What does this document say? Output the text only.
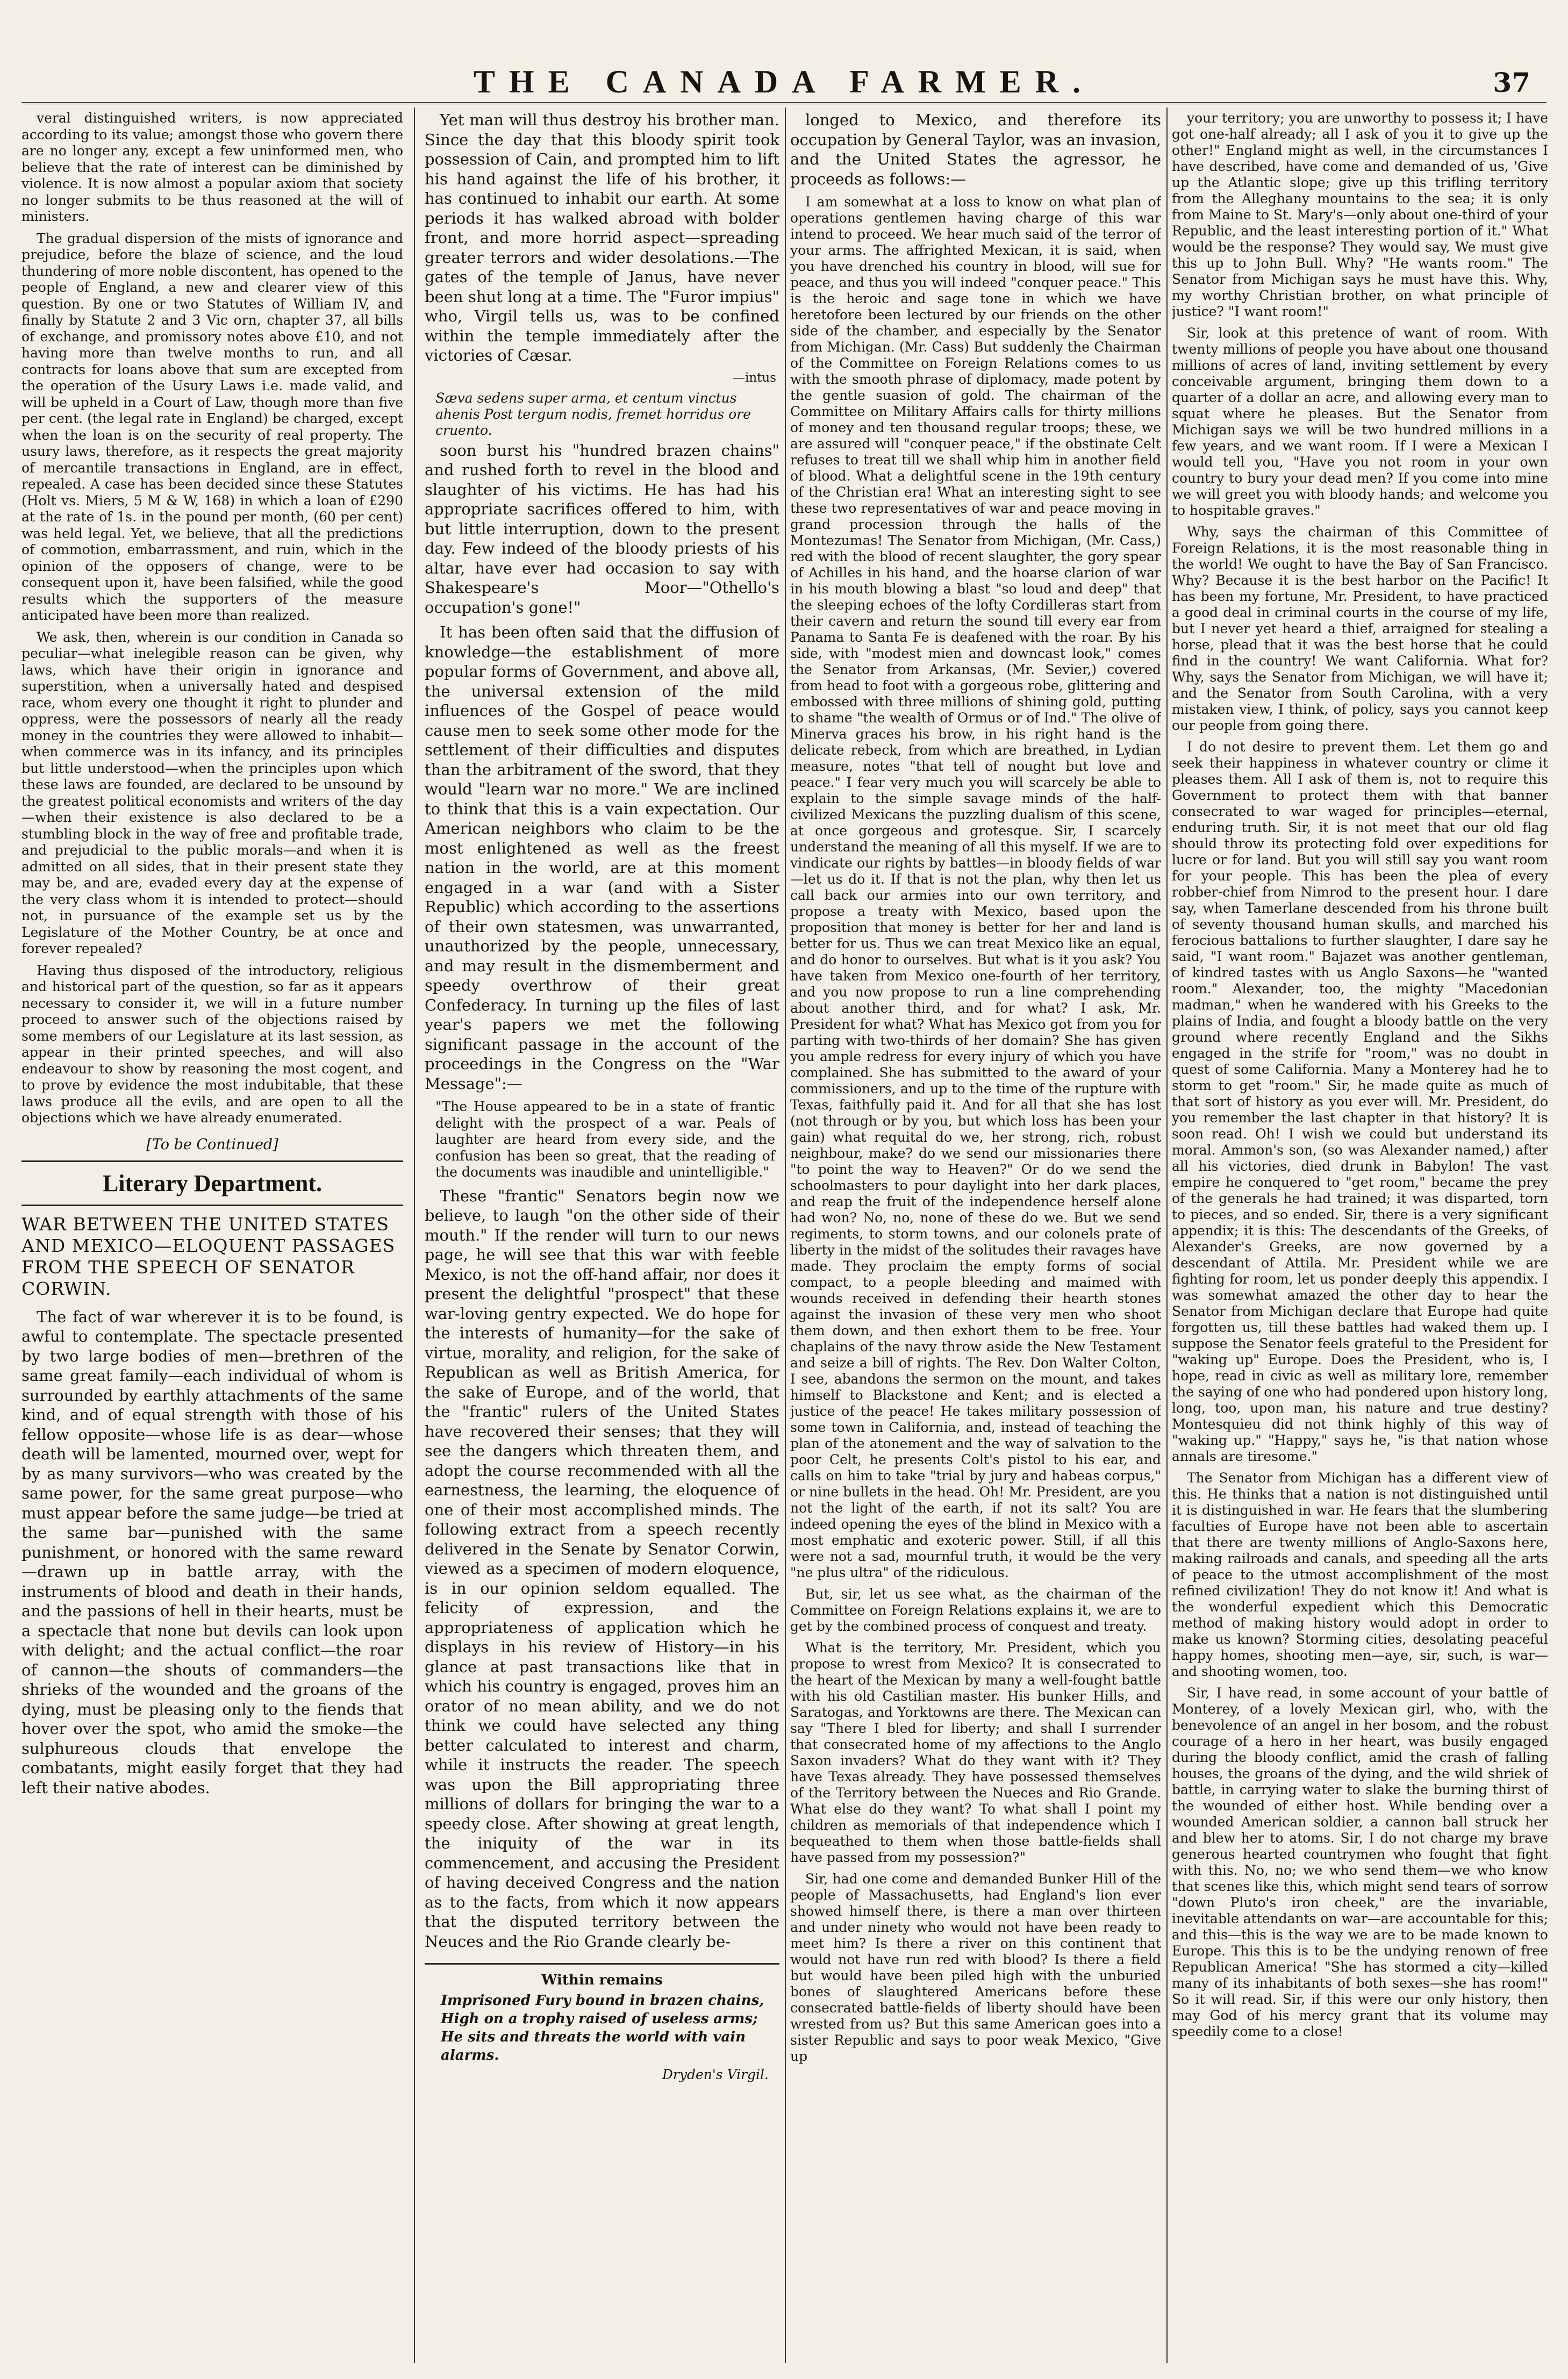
THE CANADA FARMER.	37

veral distinguished writers, is now appreciated according to its value; amongst those who govern there are no longer any, except a few uninformed men, who believe that the rate of interest can be diminished by violence. It is now almost a popular axiom that society no longer submits to be thus reasoned at the will of ministers.

The gradual dispersion of the mists of ignorance and prejudice, before the blaze of science, and the loud thundering of more noble discontent, has opened to the people of England, a new and clearer view of this question. By one or two Statutes of William IV, and finally by Statute 2 and 3 Vic orn, chapter 37, all bills of exchange, and promissory notes above £10, and not having more than twelve months to run, and all contracts for loans above that sum are excepted from the operation of the Usury Laws i.e. made valid, and will be upheld in a Court of Law, though more than five per cent. (the legal rate in England) be charged, except when the loan is on the security of real property. The usury laws, therefore, as it respects the great majority of mercantile transactions in England, are in effect, repealed. A case has been decided since these Statutes (Holt vs. Miers, 5 M & W, 168) in which a loan of £290 at the rate of 1s. in the pound per month, (60 per cent) was held legal. Yet, we believe, that all the predictions of commotion, embarrassment, and ruin, which in the opinion of the opposers of change, were to be consequent upon it, have been falsified, while the good results which the supporters of the measure anticipated have been more than realized.

We ask, then, wherein is our condition in Canada so peculiar—what inelegible reason can be given, why laws, which have their origin in ignorance and superstition, when a universally hated and despised race, whom every one thought it right to plunder and oppress, were the possessors of nearly all the ready money in the countries they were allowed to inhabit—when commerce was in its infancy, and its principles but little understood—when the principles upon which these laws are founded, are declared to be unsound by the greatest political economists and writers of the day—when their existence is also declared to be a stumbling block in the way of free and profitable trade, and prejudicial to the public morals—and when it is admitted on all sides, that in their present state they may be, and are, evaded every day at the expense of the very class whom it is intended to protect—should not, in pursuance of the example set us by the Legislature of the Mother Country, be at once and forever repealed?

Having thus disposed of the introductory, religious and historical part of the question, so far as it appears necessary to consider it, we will in a future number proceed to answer such of the objections raised by some members of our Legislature at its last session, as appear in their printed speeches, and will also endeavour to show by reasoning the most cogent, and to prove by evidence the most indubitable, that these laws produce all the evils, and are open to all the objections which we have already enumerated.

[To be Continued]
Literary Department.
WAR BETWEEN THE UNITED STATES AND MEXICO—ELOQUENT PASSAGES FROM THE SPEECH OF SENATOR CORWIN.

The fact of war wherever it is to be found, is awful to contemplate. The spectacle presented by two large bodies of men—brethren of the same great family—each individual of whom is surrounded by earthly attachments of the same kind, and of equal strength with those of his fellow opposite—whose life is as dear—whose death will be lamented, mourned over, wept for by as many survivors—who was created by the same power, for the same great purpose—who must appear before the same judge—be tried at the same bar—punished with the same punishment, or honored with the same reward—drawn up in battle array, with the instruments of blood and death in their hands, and the passions of hell in their hearts, must be a spectacle that none but devils can look upon with delight; and the actual conflict—the roar of cannon—the shouts of commanders—the shrieks of the wounded and the groans of the dying, must be pleasing only to the fiends that hover over the spot, who amid the smoke—the sulphureous clouds that envelope the combatants, might easily forget that they had left their native abodes.

Yet man will thus destroy his brother man. Since the day that this bloody spirit took possession of Cain, and prompted him to lift his hand against the life of his brother, it has continued to inhabit our earth. At some periods it has walked abroad with bolder front, and more horrid aspect—spreading greater terrors and wider desolations.—The gates of the temple of Janus, have never been shut long at a time. The "Furor impius" who, Virgil tells us, was to be confined within the temple immediately after the victories of Cæsar.

—intus
Sæva sedens super arma, et centum vinctus ahenis Post tergum nodis, fremet horridus ore cruento.

soon burst his "hundred brazen chains" and rushed forth to revel in the blood and slaughter of his victims. He has had his appropriate sacrifices offered to him, with but little interruption, down to the present day. Few indeed of the bloody priests of his altar, have ever had occasion to say with Shakespeare's Moor—"Othello's occupation's gone!"

It has been often said that the diffusion of knowledge—the establishment of more popular forms of Government, and above all, the universal extension of the mild influences of the Gospel of peace would cause men to seek some other mode for the settlement of their difficulties and disputes than the arbitrament of the sword, that they would "learn war no more." We are inclined to think that this is a vain expectation. Our American neighbors who claim to be the most enlightened as well as the freest nation in the world, are at this moment engaged in a war (and with a Sister Republic) which according to the assertions of their own statesmen, was unwarranted, unauthorized by the people, unnecessary, and may result in the dismemberment and speedy overthrow of their great Confederacy. In turning up the files of last year's papers we met the following significant passage in the account of the proceedings in the Congress on the "War Message":—

"The House appeared to be in a state of frantic delight with the prospect of a war. Peals of laughter are heard from every side, and the confusion has been so great, that the reading of the documents was inaudible and unintelligible."

These "frantic" Senators begin now we believe, to laugh "on the other side of their mouth." If the render will turn to our news page, he will see that this war with feeble Mexico, is not the off-hand affair, nor does it present the delightful "prospect" that these war-loving gentry expected. We do hope for the interests of humanity—for the sake of virtue, morality, and religion, for the sake of Republican as well as British America, for the sake of Europe, and of the world, that the "frantic" rulers of the United States have recovered their senses; that they will see the dangers which threaten them, and adopt the course recommended with all the earnestness, the learning, the eloquence of one of their most accomplished minds. The following extract from a speech recently delivered in the Senate by Senator Corwin, viewed as a specimen of modern eloquence, is in our opinion seldom equalled. The felicity of expression, and the appropriateness of application which he displays in his review of History—in his glance at past transactions like that in which his country is engaged, proves him an orator of no mean ability, and we do not think we could have selected any thing better calculated to interest and charm, while it instructs the reader. The speech was upon the Bill appropriating three millions of dollars for bringing the war to a speedy close. After showing at great length, the iniquity of the war in its commencement, and accusing the President of having deceived Congress and the nation as to the facts, from which it now appears that the disputed territory between the Neuces and the Rio Grande clearly be-

Within remains
Imprisoned Fury bound in brazen chains,
High on a trophy raised of useless arms;
He sits and threats the world with vain alarms.
Dryden's Virgil.

longed to Mexico, and therefore its occupation by General Taylor, was an invasion, and the United States the agressor, he proceeds as follows:—

I am somewhat at a loss to know on what plan of operations gentlemen having charge of this war intend to proceed. We hear much said of the terror of your arms. The affrighted Mexican, it is said, when you have drenched his country in blood, will sue for peace, and thus you will indeed "conquer peace." This is the heroic and sage tone in which we have heretofore been lectured by our friends on the other side of the chamber, and especially by the Senator from Michigan. (Mr. Cass) But suddenly the Chairman of the Committee on Foreign Relations comes to us with the smooth phrase of diplomacy, made potent by the gentle suasion of gold. The chairman of the Committee on Military Affairs calls for thirty millions of money and ten thousand regular troops; these, we are assured will "conquer peace," if the obstinate Celt refuses to treat till we shall whip him in another field of blood. What a delightful scene in the 19th century of the Christian era! What an interesting sight to see these two representatives of war and peace moving in grand procession through the halls of the Montezumas! The Senator from Michigan, (Mr. Cass,) red with the blood of recent slaughter, the gory spear of Achilles in his hand, and the hoarse clarion of war in his mouth blowing a blast "so loud and deep" that the sleeping echoes of the lofty Cordilleras start from their cavern and return the sound till every ear from Panama to Santa Fe is deafened with the roar. By his side, with "modest mien and downcast look," comes the Senator from Arkansas, (Mr. Sevier,) covered from head to foot with a gorgeous robe, glittering and embossed with three millions of shining gold, putting to shame "the wealth of Ormus or of Ind." The olive of Minerva graces his brow, in his right hand is the delicate rebeck, from which are breathed, in Lydian measure, notes "that tell of nought but love and peace." I fear very much you will scarcely be able to explain to the simple savage minds of the half-civilized Mexicans the puzzling dualism of this scene, at once gorgeous and grotesque. Sir, I scarcely understand the meaning of all this myself. If we are to vindicate our rights by battles—in bloody fields of war—let us do it. If that is not the plan, why then let us call back our armies into our own territory, and propose a treaty with Mexico, based upon the proposition that money is better for her and land is better for us. Thus we can treat Mexico like an equal, and do honor to ourselves. But what is it you ask? You have taken from Mexico one-fourth of her territory, and you now propose to run a line comprehending about another third, and for what? I ask, Mr. President for what? What has Mexico got from you for parting with two-thirds of her domain? She has given you ample redress for every injury of which you have complained. She has submitted to the award of your commissioners, and up to the time of the rupture with Texas, faithfully paid it. And for all that she has lost (not through or by you, but which loss has been your gain) what requital do we, her strong, rich, robust neighbour, make? do we send our missionaries there "to point the way to Heaven?" Or do we send the schoolmasters to pour daylight into her dark places, and reap the fruit of the independence herself alone had won? No, no, none of these do we. But we send regiments, to storm towns, and our colonels prate of liberty in the midst of the solitudes their ravages have made. They proclaim the empty forms of social compact, to a people bleeding and maimed with wounds received in defending their hearth stones against the invasion of these very men who shoot them down, and then exhort them to be free. Your chaplains of the navy throw aside the New Testament and seize a bill of rights. The Rev. Don Walter Colton, I see, abandons the sermon on the mount, and takes himself to Blackstone and Kent; and is elected a justice of the peace! He takes military possession of some town in California, and, instead of teaching the plan of the atonement and the way of salvation to the poor Celt, he presents Colt's pistol to his ear, and calls on him to take "trial by jury and habeas corpus," or nine bullets in the head. Oh! Mr. President, are you not the light of the earth, if not its salt? You are indeed opening the eyes of the blind in Mexico with a most emphatic and exoteric power. Still, if all this were not a sad, mournful truth, it would be the very "ne plus ultra" of the ridiculous.

But, sir, let us see what, as the chairman of the Committee on Foreign Relations explains it, we are to get by the combined process of conquest and treaty.

What is the territory, Mr. President, which you propose to wrest from Mexico? It is consecrated to the heart of the Mexican by many a well-fought battle with his old Castilian master. His bunker Hills, and Saratogas, and Yorktowns are there. The Mexican can say "There I bled for liberty; and shall I surrender that consecrated home of my affections to the Anglo Saxon invaders? What do they want with it? They have Texas already. They have possessed themselves of the Territory between the Nueces and Rio Grande. What else do they want? To what shall I point my children as memorials of that independence which I bequeathed to them when those battle-fields shall have passed from my possession?"

Sir, had one come and demanded Bunker Hill of the people of Massachusetts, had England's lion ever showed himself there, is there a man over thirteen and under ninety who would not have been ready to meet him? Is there a river on this continent that would not have run red with blood? Is there a field but would have been piled high with the unburied bones of slaughtered Americans before these consecrated battle-fields of liberty should have been wrested from us? But this same American goes into a sister Republic and says to poor weak Mexico, "Give up

your territory; you are unworthy to possess it; I have got one-half already; all I ask of you it to give up the other!" England might as well, in the circumstances I have described, have come and demanded of us, 'Give up the Atlantic slope; give up this trifling territory from the Alleghany mountains to the sea; it is only from Maine to St. Mary's—only about one-third of your Republic, and the least interesting portion of it." What would be the response? They would say, We must give this up to John Bull. Why? "He wants room." The Senator from Michigan says he must have this. Why, my worthy Christian brother, on what principle of justice? "I want room!"

Sir, look at this pretence of want of room. With twenty millions of people you have about one thousand millions of acres of land, inviting settlement by every conceivable argument, bringing them down to a quarter of a dollar an acre, and allowing every man to squat where he pleases. But the Senator from Michigan says we will be two hundred millions in a few years, and we want room. If I were a Mexican I would tell you, "Have you not room in your own country to bury your dead men? If you come into mine we will greet you with bloody hands; and welcome you to hospitable graves."

Why, says the chairman of this Committee of Foreign Relations, it is the most reasonable thing in the world! We ought to have the Bay of San Francisco. Why? Because it is the best harbor on the Pacific! It has been my fortune, Mr. President, to have practiced a good deal in criminal courts in the course of my life, but I never yet heard a thief, arraigned for stealing a horse, plead that it was the best horse that he could find in the country! We want California. What for? Why, says the Senator from Michigan, we will have it; and the Senator from South Carolina, with a very mistaken view, I think, of policy, says you cannot keep our people from going there.

I do not desire to prevent them. Let them go and seek their happiness in whatever country or clime it pleases them. All I ask of them is, not to require this Government to protect them with that banner consecrated to war waged for principles—eternal, enduring truth. Sir, it is not meet that our old flag should throw its protecting fold over expeditions for lucre or for land. But you will still say you want room for your people. This has been the plea of every robber-chief from Nimrod to the present hour. I dare say, when Tamerlane descended from his throne built of seventy thousand human skulls, and marched his ferocious battalions to further slaughter, I dare say he said, "I want room." Bajazet was another gentleman, of kindred tastes with us Anglo Saxons—he "wanted room." Alexander, too, the mighty "Macedonian madman," when he wandered with his Greeks to the plains of India, and fought a bloody battle on the very ground where recently England and the Sikhs engaged in the strife for "room," was no doubt in quest of some California. Many a Monterey had he to storm to get "room." Sir, he made quite as much of that sort of history as you ever will. Mr. President, do you remember the last chapter in that history? It is soon read. Oh! I wish we could but understand its moral. Ammon's son, (so was Alexander named,) after all his victories, died drunk in Babylon! The vast empire he conquered to "get room," became the prey of the generals he had trained; it was disparted, torn to pieces, and so ended. Sir, there is a very significant appendix; it is this: The descendants of the Greeks, of Alexander's Greeks, are now governed by a descendant of Attila. Mr. President while we are fighting for room, let us ponder deeply this appendix. I was somewhat amazed the other day to hear the Senator from Michigan declare that Europe had quite forgotten us, till these battles had waked them up. I suppose the Senator feels grateful to the President for "waking up" Europe. Does the President, who is, I hope, read in civic as well as military lore, remember the saying of one who had pondered upon history long, long, too, upon man, his nature and true destiny? Montesquieu did not think highly of this way of "waking up." "Happy," says he, "is that nation whose annals are tiresome."

The Senator from Michigan has a different view of this. He thinks that a nation is not distinguished until it is distinguished in war. He fears that the slumbering faculties of Europe have not been able to ascertain that there are twenty millions of Anglo-Saxons here, making railroads and canals, and speeding all the arts of peace to the utmost accomplishment of the most refined civilization! They do not know it! And what is the wonderful expedient which this Democratic method of making history would adopt in order to make us known? Storming cities, desolating peaceful happy homes, shooting men—aye, sir, such, is war—and shooting women, too.

Sir, I have read, in some account of your battle of Monterey, of a lovely Mexican girl, who, with the benevolence of an angel in her bosom, and the robust courage of a hero in her heart, was busily engaged during the bloody conflict, amid the crash of falling houses, the groans of the dying, and the wild shriek of battle, in carrying water to slake the burning thirst of the wounded of either host. While bending over a wounded American soldier, a cannon ball struck her and blew her to atoms. Sir, I do not charge my brave generous hearted countrymen who fought that fight with this. No, no; we who send them—we who know that scenes like this, which might send tears of sorrow "down Pluto's iron cheek," are the invariable, inevitable attendants on war—are accountable for this; and this—this is the way we are to be made known to Europe. This this is to be the undying renown of free Republican America! "She has stormed a city—killed many of its inhabitants of both sexes—she has room!" So it will read. Sir, if this were our only history, then may God of his mercy grant that its volume may speedily come to a close!
